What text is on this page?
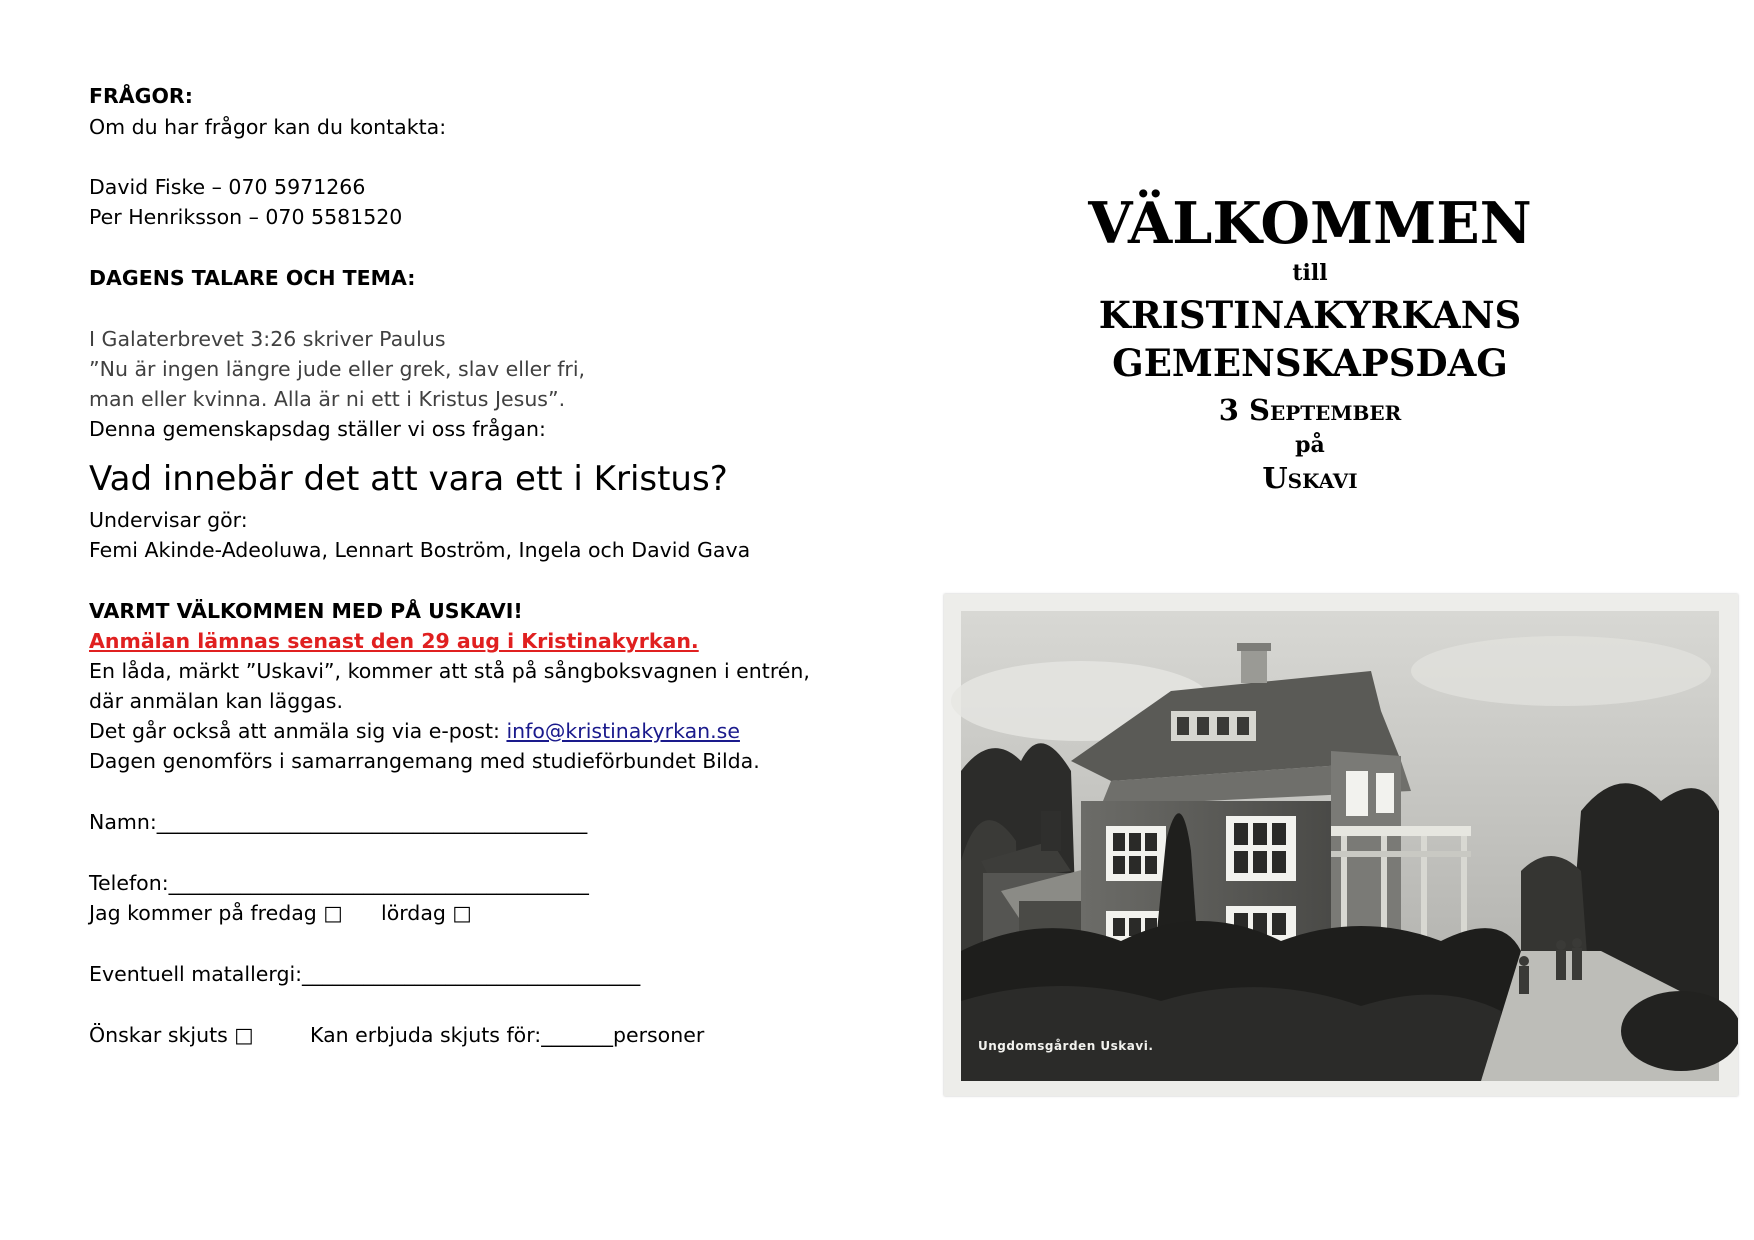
FRÅGOR:
Om du har frågor kan du kontakta:
David Fiske – 070 5971266
Per Henriksson – 070 5581520
DAGENS TALARE OCH TEMA:
I Galaterbrevet 3:26 skriver Paulus
”Nu är ingen längre jude eller grek, slav eller fri,
man eller kvinna. Alla är ni ett i Kristus Jesus”.
Denna gemenskapsdag ställer vi oss frågan:
Vad innebär det att vara ett i Kristus?
Undervisar gör:
Femi Akinde-Adeoluwa, Lennart Boström, Ingela och David Gava
VARMT VÄLKOMMEN MED PÅ USKAVI!
Anmälan lämnas senast den 29 aug i Kristinakyrkan.
En låda, märkt ”Uskavi”, kommer att stå på sångboksvagnen i entrén,
där anmälan kan läggas.
Det går också att anmäla sig via e-post: info@kristinakyrkan.se
Dagen genomförs i samarrangemang med studieförbundet Bilda.
Namn:__________________________________________
Telefon:_________________________________________
Jag kommer på fredag □ lördag □
Eventuell matallergi:_________________________________
Önskar skjuts □	Kan erbjuda skjuts för:_______personer
VÄLKOMMEN
till
KRISTINAKYRKANS
GEMENSKAPSDAG
3 September
på
Uskavi
Ungdomsgården Uskavi.
